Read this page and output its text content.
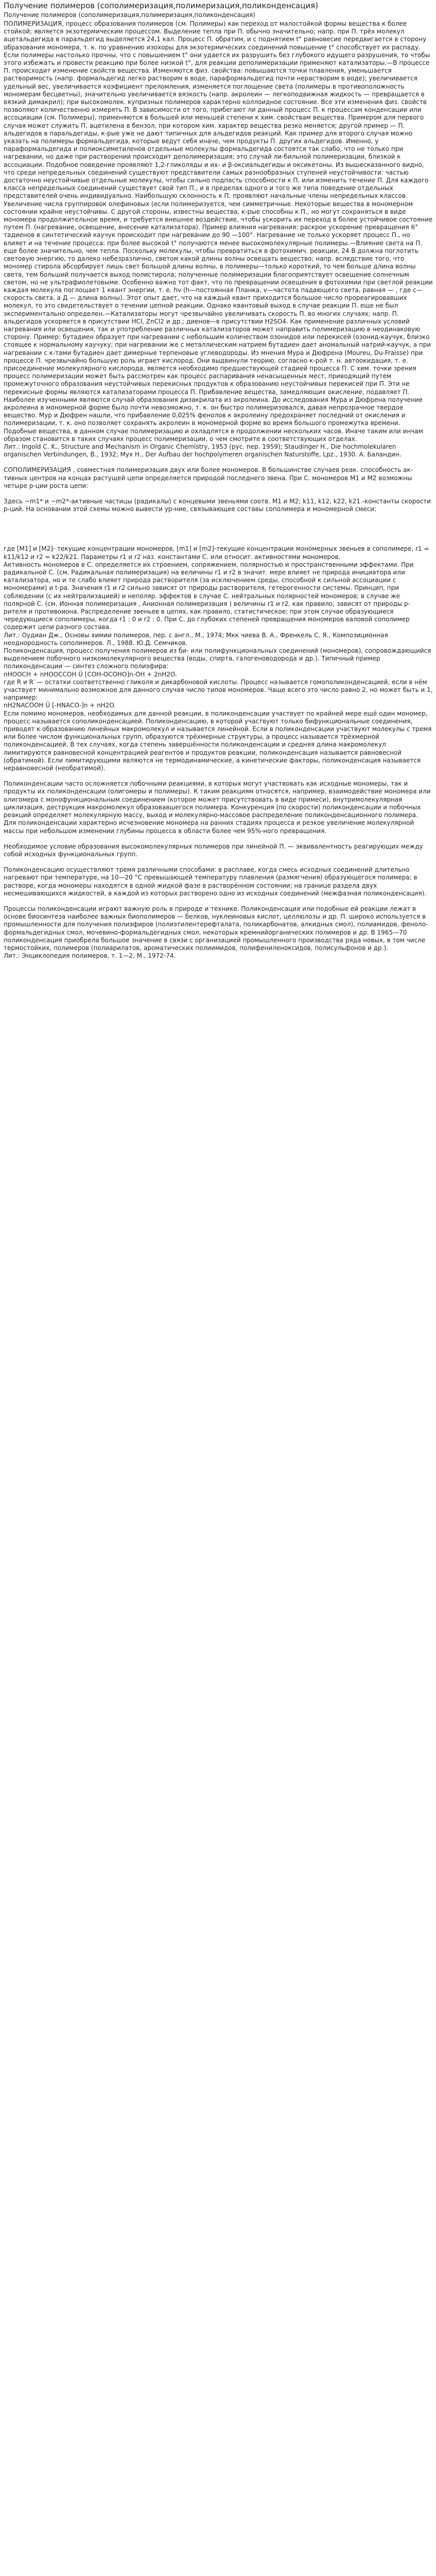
Получение полимеров (сополимеризация,полимеризация,поликонденсация)
Получение полимеров (сополимеризация,полимеризация,поликонденсация)

ПОЛИМЕРИЗАЦИЯ, процесс образования полимеров (см. Полимеры) как переход от малостойкой формы вещества к более стойкой; является экзотермическим процессом. Выделение тепла при П. обычно значительно; напр. при П. трёх молекул ацетальдегида в паральдегид выделяется 24,1 кал. Процесс П. обратим, и с поднятием t° равновесие передвигается в сторону образования мономера, т. к. по уравнению изохоры для экзотермических соединений повышение t° способствует их распаду. Если полимеры настолько прочны, что с повышением t° они удается их разрушить без глубокого идущего разрушения, то чтобы этого избежать и провести реакцию при более низкой t°, для реакции деполимеризации применяют катализаторы.—В процессе П. происходит изменение свойств вещества. Изменяются физ. свойства: повышаются точки плавления, уменьшается растворимость (напр. формальдегид легко растворим в воде, параформальдегид почти нерастворим в воде); увеличивается удельный вес, увеличивается коэфициент преломления, изменяется поглощение света (полимеры в противоположность мономерам бесцветны), значительно увеличивается вязкость (напр. акролеин — легкоподвижная жидкость — превращается в вязкий димакрил); при высокомолек. купризных полимеров характерно коллоидное состояние. Все эти изменения физ. свойств позволяют количественно измерять П. В зависимости от того, прибегают ли данный процесс П. к процессам конденсации или ассоциации (см. Полимеры), применяются в большей или меньшей степени к хим. свойствам вещества. Примером для первого случая может служить П. ацетилена в бензол, при котором хим. характер вещества резко меняется; другой пример — П. альдегидов в паральдегиды, к-рые уже не дают типичных для альдегидов реакций. Как пример для второго случая можно указать на полимеры формальдегида, которые ведут себя иначе, чем продукты П. других альдегидов. Именно, у параформальдегида и полиоксиметиленов отдельные молекулы формальдегида состоятся так слабо, что не только при нагревании, но даже при растворении происходит деполимеризация; это случай ли-бильной полимеризации, близкой к ассоциации. Подобное поведение проявляют 1,2-гликоляды и их- и β-оксиальдегиды и оксикетоны. Из вышесказанного видно, что среди непредельных соединений существуют представители самых разнообразных ступеней неустойчивости: частью достаточно неустойчивые отдельные молекулы, чтобы сильно подпасть способности к П. или изменить течение П. Для каждого класса непредельных соединений существует свой тип П., и в пределах одного и того же типа поведение отдельных представителей очень индивидуально. Наибольшую склонность к П. проявляют начальные члены непредельных классов. Увеличение числа группировок олефиновых (если полимеризуется, чем симметричные. Некоторые вещества в мономерном состоянии крайне неустойчивы. С другой стороны, известны вещества, к-рые способны к П., но могут сохраняться в виде мономера продолжительное время, и требуется внешнее воздействие, чтобы ускорить их переход в более устойчивое состояние путем П. (нагревание, освещение, внесение катализатора). Пример влияния нагревания: раскрое ускорение превращения 6° тадиенов в синтетический каучук происходит при нагревании до 90 —100°. Нагревание не только ускоряет процесс П., но влияет и на течение процесса: при более высокой t° получаются менее высокомолекулярные полимеры.—Влияние света на П. еще более значительно, чем тепла. Поскольку молекулы, чтобы превратиться в фотохимич. реакции, 24 В должна поглотить световую энергию, то далеко небезразлично, светом какой длины волны освещать вещество; напр. вследствие того, что мономер стирола абсорбирует лишь свет большой длины волны, в полимеры—только короткий, то чем больше длина волны света, тем больший получается выход полистирола; полученные полимеризации благоприятствует освещение солнечным светом, но не ультрафиолетовыми. Особенно важно тот факт, что по превращении освещения в фотохимии при светлой реакции каждая молекула поглощает 1 квант энергии, т. е. hv (h—постоянная Планка, v—частота падающего света, равная — , где с—скорость света, а Д — длина волны). Этот опыт дает, что на каждый квант приходится большое число прореагировавших молекул, то это свидетельствует о течении цепной реакции. Однако квантовый выход в случае реакции П. еще не был экспериментально определен.—Катализаторы могут чрезвычайно увеличивать скорость П. во многих случаях; напр. П. альдегидов ускоряется в присутствии HCl, ZnCl2 и др.; диенов—в присутствии H2SO4. Как применение различных условий нагревания или освещения, так и употребление различных катализаторов может направить полимеризацию в неодинаковую сторону. Пример: бутадиен образует при нагревании с небольшим количеством озонидов или перекисей (озонид-каучук, близко стоящее к нормальному каучуку; при нагревании же с металлическим натрием бутадиен дает аномальный натрий-каучук, а при нагревании с к-тами бутадиен дает димерные терпеновые углеводороды. Из мнения Мура и Дюфрена (Moureu, Du-Fraisse) при процессе П. чрезвычайно большую роль играет кислород. Они выдвинули теорию, согласно к-рой т. н. автоокидация, т. е. присоединение молекулярного кислорода, является необходимо предшествующей стадией процесса П. С хим. точки зрения процесс полимеризации может быть рассмотрен как процесс распаривания ненасыщенных мест, приводящий путем промежуточного образования неустойчивых перекисных продуктов к образованию неустойчивых перекисей при П. Эти не перекисные формы являются катализаторами процесса П. Прибавление вещества, замедляющих окисление, подавляет П. Наиболее изученными являются случай образования дизакрилата из акролеина. До исследования Мура и Дюфрена получение акролеина в мономерной форме было почти невозможно, т. к. он быстро полимеризовался, давая непрозрачное твердое вещество. Мур и Дюфрен нашли, что прибавление 0,025% фенолов к акролеину предохраняет последний от окисления и полимеризации, т. к. оно позволяет сохранять акролеин в мономерной форме во время большого промежутка времени. Подобные вещества, в данном случае полимеризацию и охладлятся в продолжении нескольких часов. Иначе таким или инчам образом становится в таких случаях процесс полимеризации, о чем смотрите в соответствующих отделах.

Лит.: Ingold C. K., Structure and Mechanism in Organic Chemistry, 1953 (рус. пер. 1959); Staudinger H., Die hochmolekularen organischen Verbindungen, B., 1932; Мух Н., Der Aufbau der hochpolymeren organischen Naturstoffe, Lpz., 1930. А. Баландин.

СОПОЛИМЕРИЗАЦИЯ , совместная полимеризация двух или более мономеров. В большинстве случаев реак. способность активных центров на концах растущей цепи определяется природой последнего звена. При С. мономеров М1 и М2 возможны четыре р-ции роста цепи:

Здесь ~m1* и ~m2*-активные частицы (радикалы) с концевыми звеньями соотв. М1 и М2; k11, k12, k22, k21 -константы скорости р-ций. На основании этой схемы можно вывести ур-ние, связывающее составы сополимера и мономерной смеси:

где [M1] и [M2]- текущие концентрации мономеров, [m1] и [m2]-текущие концентрации мономерных звеньев в сополимере, r1 = k11/k12 и r2 = k22/k21. Параметры r1 и r2 наз. константами С. или относит. активностями мономеров.

Активность мономеров в С. определяется их строением, сопряжением, полярностью и пространственными эффектами. При радикальной С. (см. Радикальная полимеризация) на величины r1 и r2 в значит. мере влияет не природа инициатора или катализатора, но и те слабо влияет природа растворителя (за исключением среды, способной к сильной ассоциации с мономерами) и t-ра. Значения r1 и r2 сильно зависят от природы растворителя, гетерогенности системы. Принцип, при соблюдении (с их нейтрализацией) и неполяр. эффектов в случае С. нейтральных полярностей мономеров; в случае же полярной С. (см. Ионная полимеризация , Анионная полимеризация ) величины r1 и r2, как правило, зависят от природы р-рителя и противоиона. Распределение звеньев в цепях, как правило, статистическое; при этом случае образующиеся чередующиеся сополимеры, когда r1 : 0 и r2 : 0. При С. до глубоких степеней превращения мономеров валовой сополимер содержит цепи разного состава.

Лит.: Оудиан Дж., Основы химии полимеров, пер. с англ., М., 1974; Мкк чиева В. А., Френкель С. Я., Композиционная неоднородность сополимеров. Л., 1988. Ю.Д. Семчиков.

Поликонденсация, процесс получения полимеров из би- или полифункциональных соединений (мономеров), сопровождающийся выделением побочного низкомолекулярного вещества (воды, спирта, галогеноводорода и др.). Типичный пример поликонденсации — синтез сложного полиэфира:

nHOOCH + nHOOCCOH Ü [COH-ОСОНO]n-ОН + 2nH2O.

где R и R′ — остатки соответственно гликоля и дикарбоновой кислоты. Процесс называется гомополиконденсацией, если в нём участвует минимально возможное для данного случая число типов мономеров. Чаще всего это число равно 2, но может быть и 1, например:

nH2NACOOH Ü [‑HNACO‑]n + nH2O.

Если помимо мономеров, необходимых для данной реакции, в поликонденсации участвует по крайней мере ещё один мономер, процесс называется сополиконденсацией. Поликонденсацию, в которой участвуют только бифункциональные соединения, приводят к образованию линейных макромолекул и называется линейной. Если в поликонденсации участвуют молекулы с тремя или более числом функциональных групп, образуются трёхмерные структуры, а процесс называется трёхмерной поликонденсацией. В тех случаях, когда степень завершённости поликонденсации и средняя длина макромолекул лимитируются равновесной концентрацией реагентов и продуктов реакции, поликонденсация называется равновесной (обратимой). Если лимитирующими являются не термодинамические, а кинетические факторы, поликонденсация называется неравновесной (необратимой).

Поликонденсации часто осложняется побочными реакциями, в которых могут участвовать как исходные мономеры, так и продукты их поликонденсации (олигомеры и полимеры). К таким реакциям относятся, например, взаимодействие мономера или олигомера с монофункциональным соединением (которое может присутствовать в виде примеси), внутримолекулярная циклизация, деструкция макромолекул образовавшегося полимера. Конкуренция (по скорости) поликонденсации и побочных реакций определяет молекулярную массу, выход и молекулярно-массовое распределение поликонденсационного полимера.

Для поликонденсации характерно исчезновение мономера на ранних стадиях процесса и резкое увеличение молекулярной массы при небольшом изменении глубины процесса в области более чем 95%-ного превращения.

Необходимое условие образования высокомолекулярных полимеров при линейной П. — эквивалентность реагирующих между собой исходных функциональных групп.

Поликонденсацию осуществляют тремя различными способами: в расплаве, когда смесь исходных соединений длительно нагревают при температуре, на 10—20 °С превышающей температуру плавления (размягчения) образующегося полимера; в растворе, когда мономеры находятся в одной жидкой фазе в растворённом состоянии; на границе раздела двух несмешивающихся жидкостей, в каждой из которых растворено одно из исходных соединений (межфазная поликонденсация).

Процессы поликонденсации играют важную роль в природе и технике. Поликонденсация или подобные ей реакции лежат в основе биосинтеза наиболее важных биополимеров — белков, нуклеиновых кислот, целлюлозы и др. П. широко используется в промышленности для получения полиэфиров (полиэтилентерефталата, поликарбонатов, алкидных смол), полиамидов, феноло-формальдегидных смол, мочевино-формальдегидных смол, некоторых кремнийорганических полимеров и др. В 1965—70 поликонденсация приобрела большое значение в связи с организацией промышленного производства ряда новых, в том числе термостойких, полимеров (полиарилатов, ароматических полиимидов, полифениленоксидов, полисульфонов и др.).

Лит.: Энциклопедия полимеров, т. 1—2, М., 1972-74.
